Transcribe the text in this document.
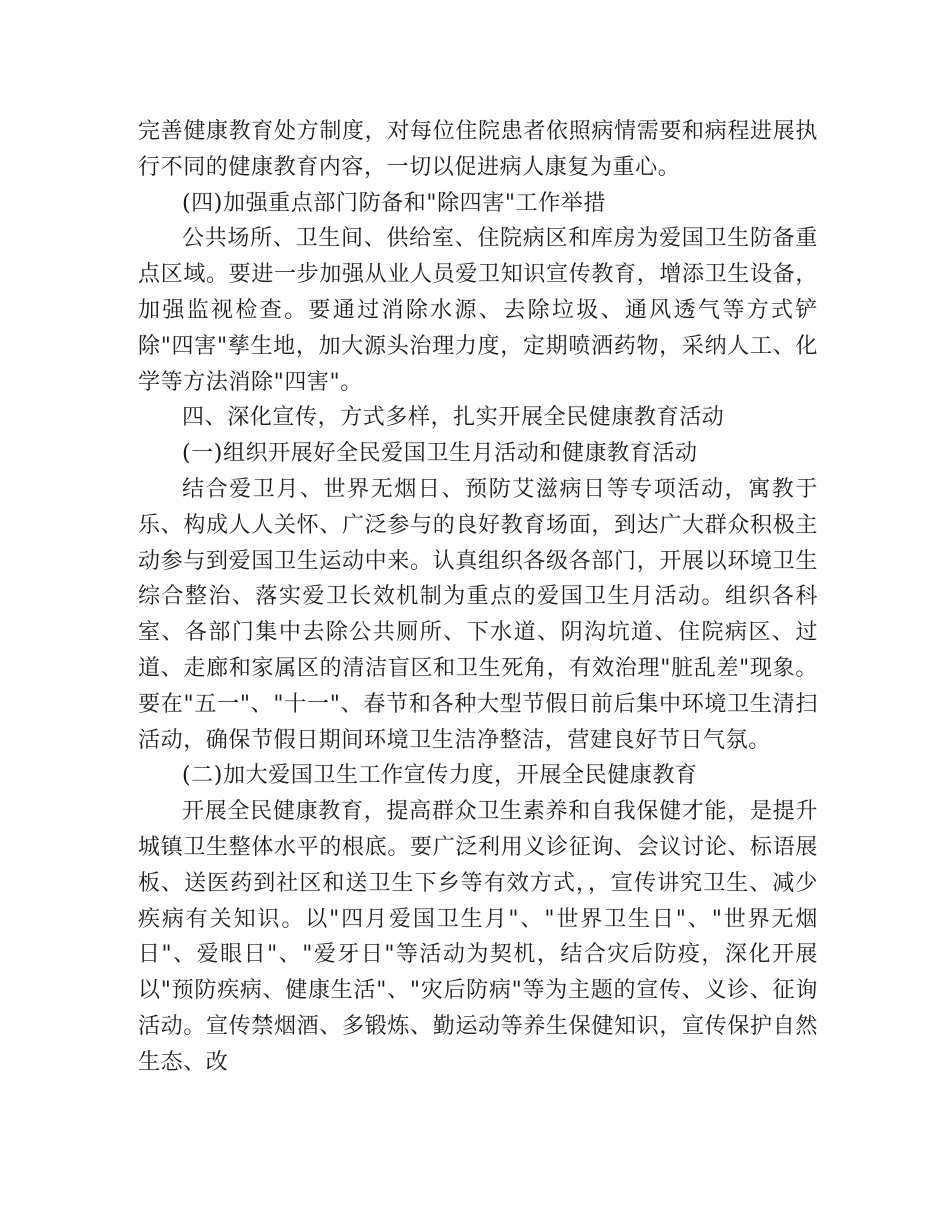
完善健康教育处方制度，对每位住院患者依照病情需要和病程进展执行不同的健康教育内容，一切以促进病人康复为重心。

(四)加强重点部门防备和"除四害"工作举措

公共场所、卫生间、供给室、住院病区和库房为爱国卫生防备重点区域。要进一步加强从业人员爱卫知识宣传教育，增添卫生设备，加强监视检查。要通过消除水源、去除垃圾、通风透气等方式铲除"四害"孳生地，加大源头治理力度，定期喷洒药物，采纳人工、化学等方法消除"四害"。

四、深化宣传，方式多样，扎实开展全民健康教育活动

(一)组织开展好全民爱国卫生月活动和健康教育活动

结合爱卫月、世界无烟日、预防艾滋病日等专项活动，寓教于乐、构成人人关怀、广泛参与的良好教育场面，到达广大群众积极主动参与到爱国卫生运动中来。认真组织各级各部门，开展以环境卫生综合整治、落实爱卫长效机制为重点的爱国卫生月活动。组织各科室、各部门集中去除公共厕所、下水道、阴沟坑道、住院病区、过道、走廊和家属区的清洁盲区和卫生死角，有效治理"脏乱差"现象。要在"五一"、"十一"、春节和各种大型节假日前后集中环境卫生清扫活动，确保节假日期间环境卫生洁净整洁，营建良好节日气氛。

(二)加大爱国卫生工作宣传力度，开展全民健康教育

开展全民健康教育，提高群众卫生素养和自我保健才能，是提升城镇卫生整体水平的根底。要广泛利用义诊征询、会议讨论、标语展板、送医药到社区和送卫生下乡等有效方式，，宣传讲究卫生、减少疾病有关知识。以"四月爱国卫生月"、"世界卫生日"、"世界无烟日"、爱眼日"、"爱牙日"等活动为契机，结合灾后防疫，深化开展以"预防疾病、健康生活"、"灾后防病"等为主题的宣传、义诊、征询活动。宣传禁烟酒、多锻炼、勤运动等养生保健知识，宣传保护自然生态、改
